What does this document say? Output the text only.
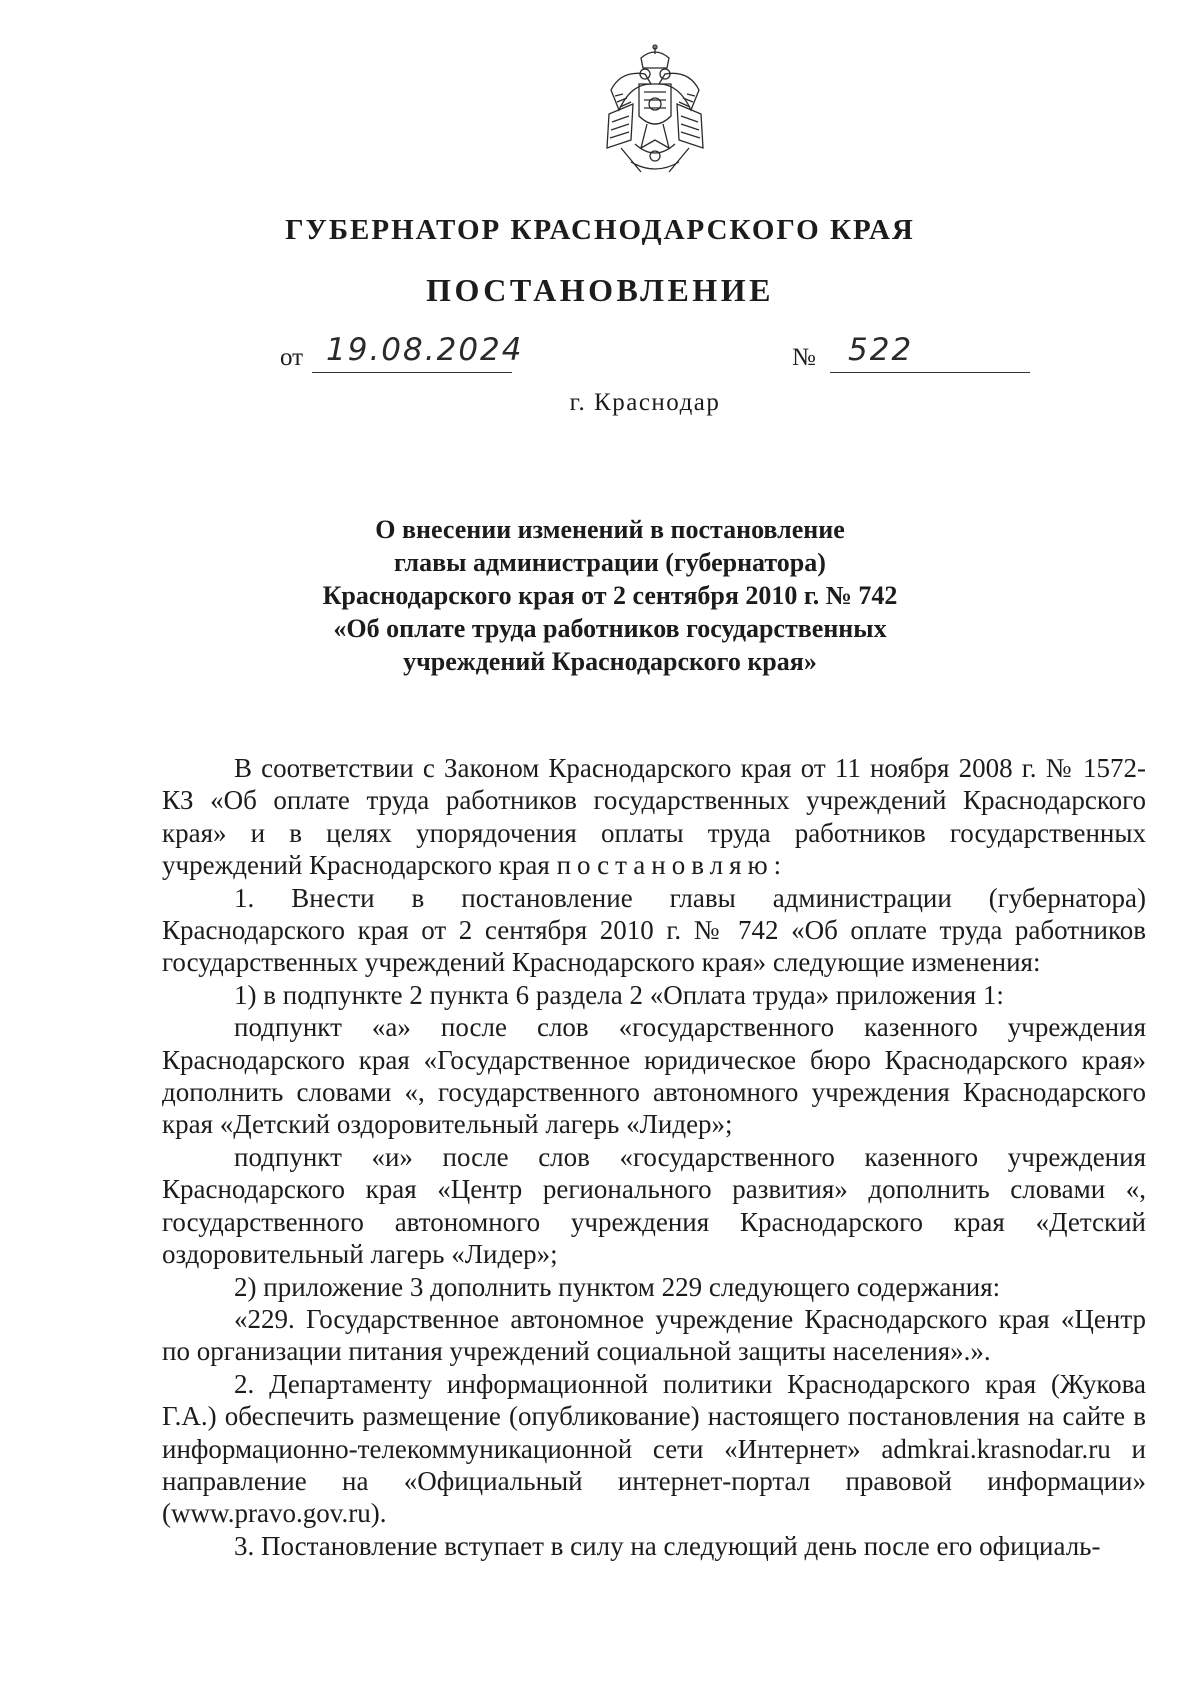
ГУБЕРНАТОР КРАСНОДАРСКОГО КРАЯ
ПОСТАНОВЛЕНИЕ
от 19.08.2024	№ 522
г. Краснодар
О внесении изменений в постановление
главы администрации (губернатора)
Краснодарского края от 2 сентября 2010 г. № 742
«Об оплате труда работников государственных
учреждений Краснодарского края»

В соответствии с Законом Краснодарского края от 11 ноября 2008 г. № 1572-КЗ «Об оплате труда работников государственных учреждений Краснодарского края» и в целях упорядочения оплаты труда работников государственных учреждений Краснодарского края постановляю:

1. Внести в постановление главы администрации (губернатора) Краснодарского края от 2 сентября 2010 г. № 742 «Об оплате труда работников государственных учреждений Краснодарского края» следующие изменения:

1) в подпункте 2 пункта 6 раздела 2 «Оплата труда» приложения 1:

подпункт «а» после слов «государственного казенного учреждения Краснодарского края «Государственное юридическое бюро Краснодарского края» дополнить словами «, государственного автономного учреждения Краснодарского края «Детский оздоровительный лагерь «Лидер»;

подпункт «и» после слов «государственного казенного учреждения Краснодарского края «Центр регионального развития» дополнить словами «, государственного автономного учреждения Краснодарского края «Детский оздоровительный лагерь «Лидер»;

2) приложение 3 дополнить пунктом 229 следующего содержания:

«229. Государственное автономное учреждение Краснодарского края «Центр по организации питания учреждений социальной защиты населения».».

2. Департаменту информационной политики Краснодарского края (Жукова Г.А.) обеспечить размещение (опубликование) настоящего постановления на сайте в информационно-телекоммуникационной сети «Интернет» admkrai.krasnodar.ru и направление на «Официальный интернет-портал правовой информации» (www.pravo.gov.ru).

3. Постановление вступает в силу на следующий день после его официаль-
